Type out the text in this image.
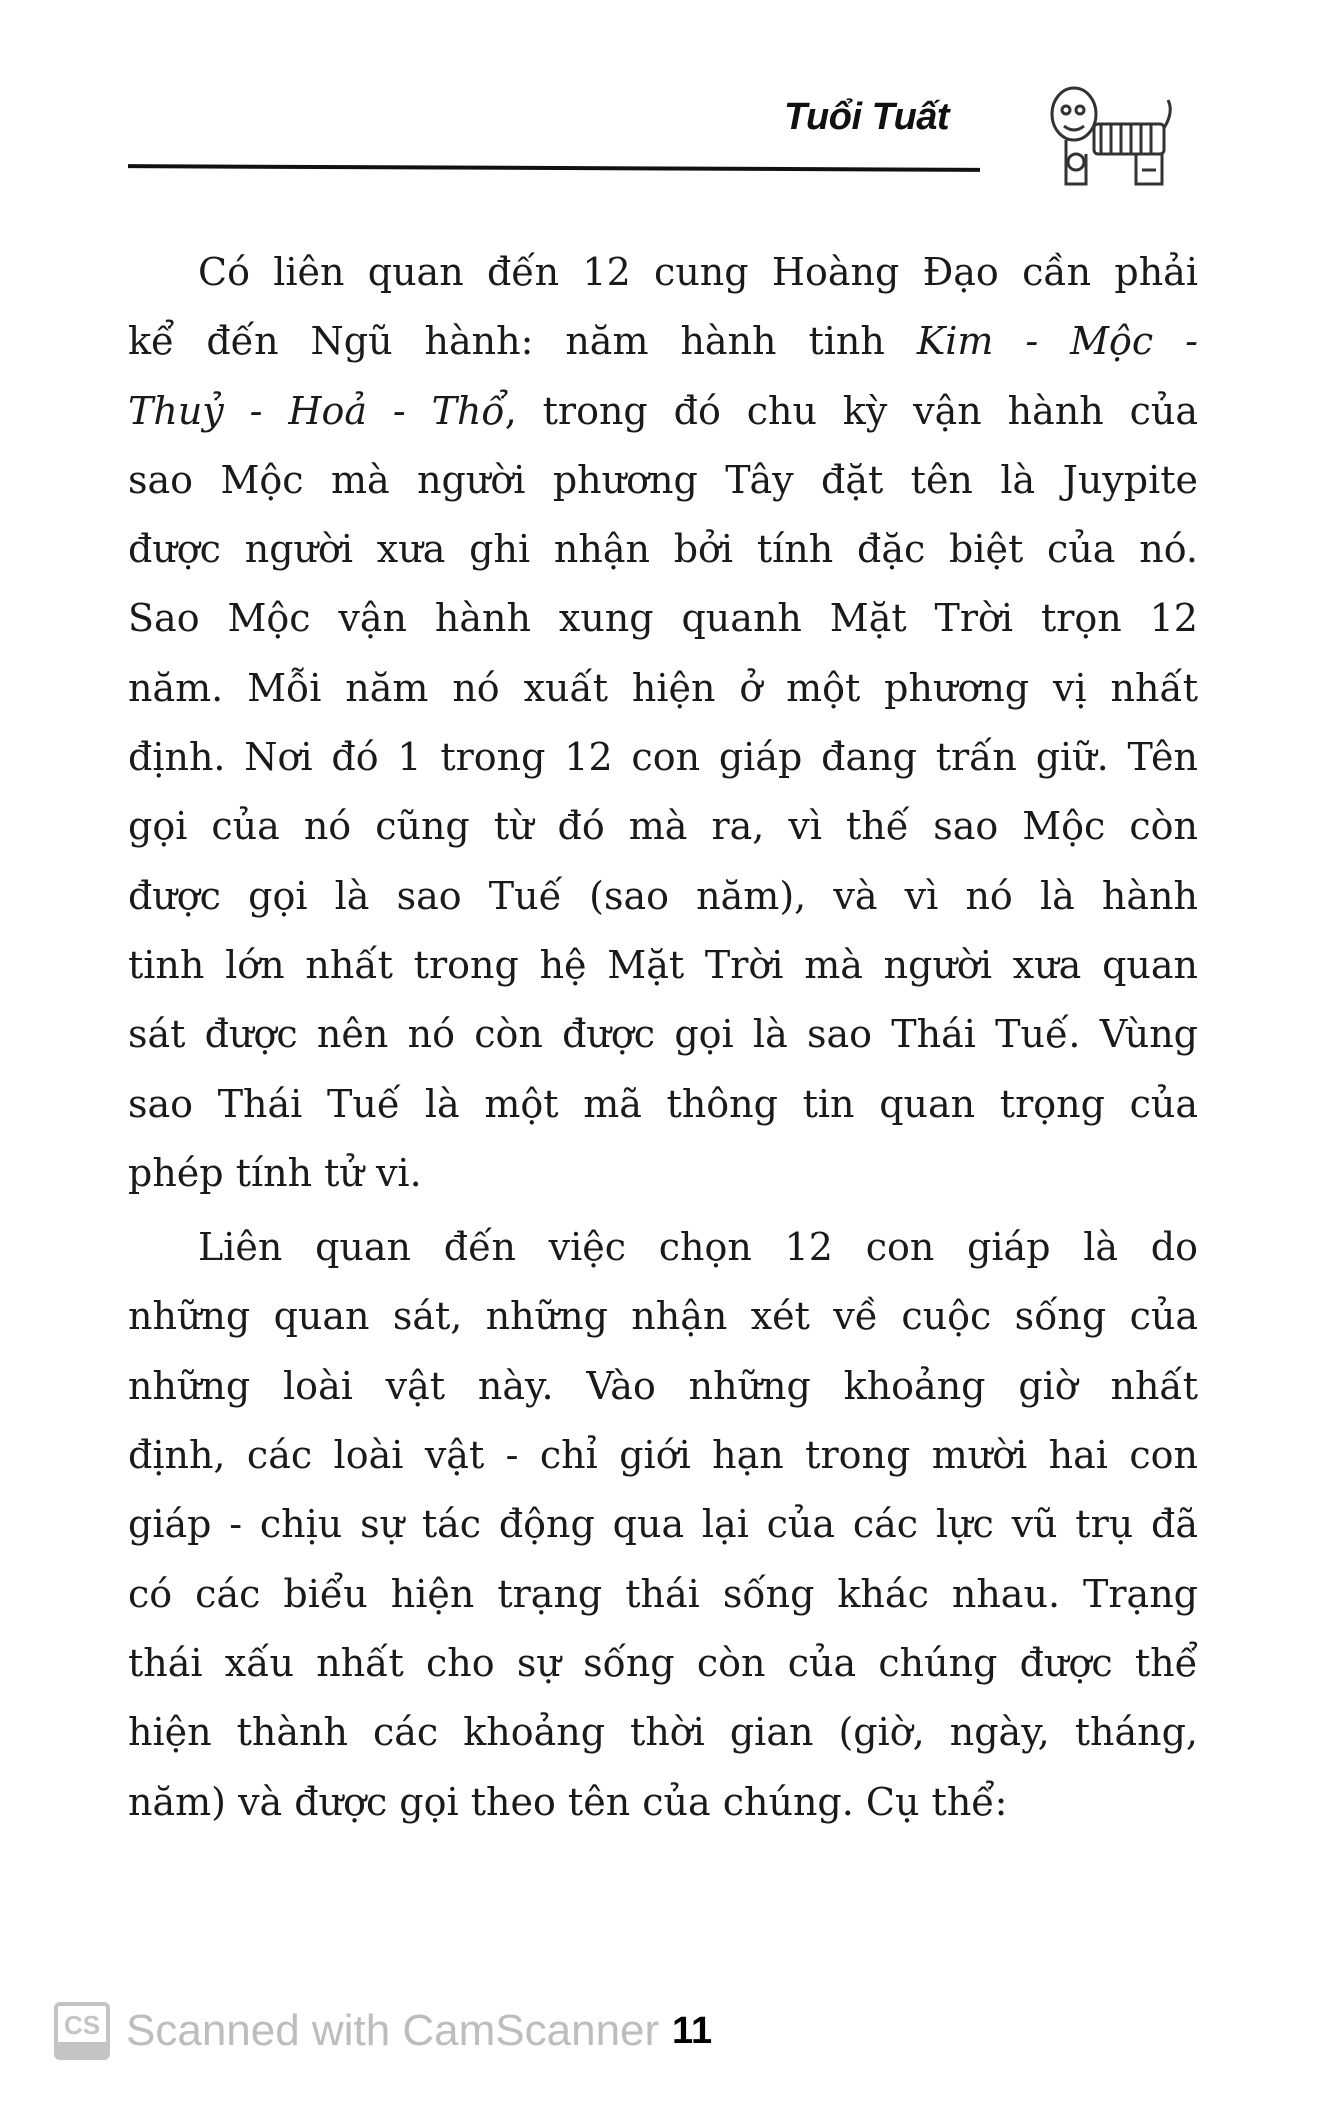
Tuổi Tuất
Có liên quan đến 12 cung Hoàng Đạo cần phải
kể đến Ngũ hành: năm hành tinh Kim - Mộc -
Thuỷ - Hoả - Thổ, trong đó chu kỳ vận hành của
sao Mộc mà người phương Tây đặt tên là Juypite
được người xưa ghi nhận bởi tính đặc biệt của nó.
Sao Mộc vận hành xung quanh Mặt Trời trọn 12
năm. Mỗi năm nó xuất hiện ở một phương vị nhất
định. Nơi đó 1 trong 12 con giáp đang trấn giữ. Tên
gọi của nó cũng từ đó mà ra, vì thế sao Mộc còn
được gọi là sao Tuế (sao năm), và vì nó là hành
tinh lớn nhất trong hệ Mặt Trời mà người xưa quan
sát được nên nó còn được gọi là sao Thái Tuế. Vùng
sao Thái Tuế là một mã thông tin quan trọng của
phép tính tử vi.
Liên quan đến việc chọn 12 con giáp là do
những quan sát, những nhận xét về cuộc sống của
những loài vật này. Vào những khoảng giờ nhất
định, các loài vật - chỉ giới hạn trong mười hai con
giáp - chịu sự tác động qua lại của các lực vũ trụ đã
có các biểu hiện trạng thái sống khác nhau. Trạng
thái xấu nhất cho sự sống còn của chúng được thể
hiện thành các khoảng thời gian (giờ, ngày, tháng,
năm) và được gọi theo tên của chúng. Cụ thể:
CS Scanned with CamScanner 11
